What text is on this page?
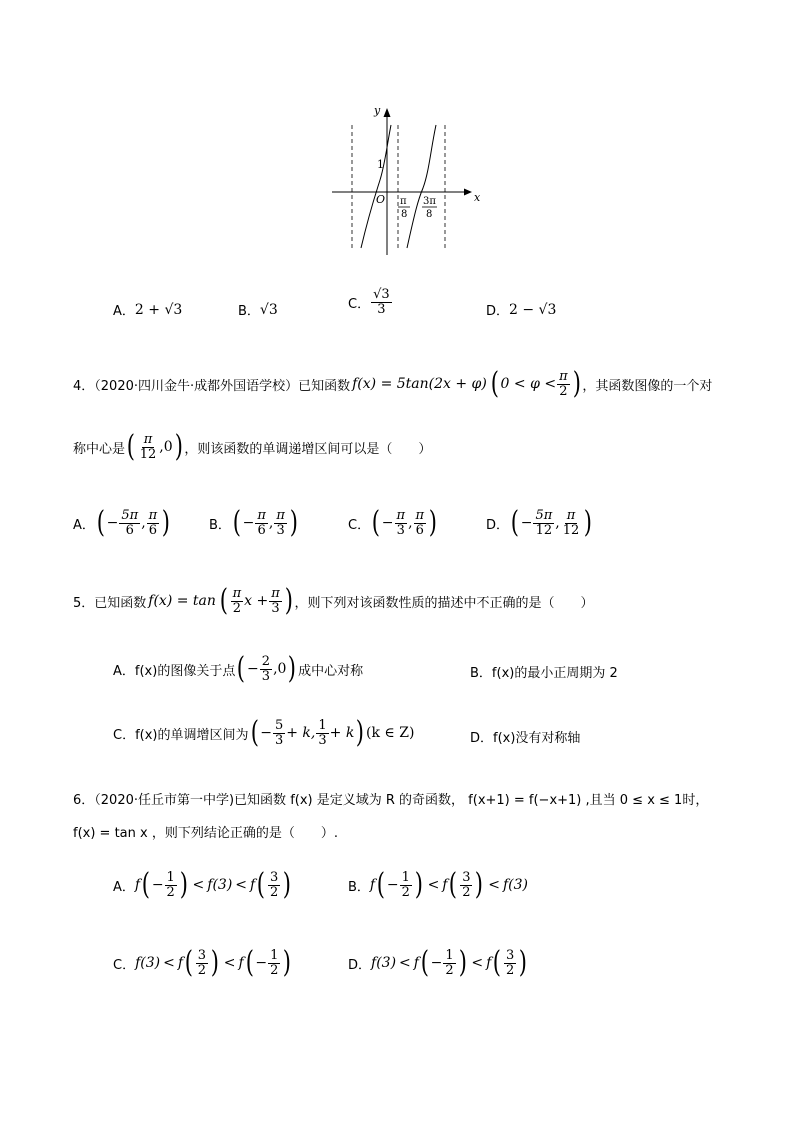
y
x
O
1
π
8
3π
8
A． 2 + √3	B． √3	C． $\frac{√3}{3}$	D． 2 − √3
4．（2020·四川金牛·成都外国语学校）已知函数 f(x) = 5tan(2x + φ) ( $0 < \varphi < \frac{\pi}{2}$ ) ，其函数图像的一个对
称中心是 ( $\frac{\pi}{12} ,0$ ) ，则该函数的单调递增区间可以是（　　）
A． ( − $\frac{5\pi}{6}$ , $\frac{\pi}{6}$ )	B． ( − $\frac{\pi}{6}$ , $\frac{\pi}{3}$ )	C． ( − $\frac{\pi}{3}$ , $\frac{\pi}{6}$ )	D． ( − $\frac{5\pi}{12}$ , $\frac{\pi}{12}$ )
5．已知函数 f(x) = tan ( $\frac{\pi}{2}$ $x + \frac{\pi}{3}$ ) ，则下列对该函数性质的描述中不正确的是（　　）
A． f(x)的图像关于点 ( − $\frac{2}{3} ,0$ ) 成中心对称	B． f(x)的最小正周期为 2
C． f(x)的单调增区间为 ( − $\frac{5}{3} + k$, $\frac{1}{3} + k$ ) (k ∈ Z)	D． f(x)没有对称轴
6．（2020·任丘市第一中学)已知函数 f(x) 是定义域为 R 的奇函数， f(x+1) = f(−x+1) ,且当 0 ≤ x ≤ 1时，
f(x) = tan x ，则下列结论正确的是（　　）.
A． f ( − $\frac{1}{2}$ ) < f(3) < f ( $\frac{3}{2}$ )	B． f ( − $\frac{1}{2}$ ) < f ( $\frac{3}{2}$ ) < f(3)
C． f(3) < f ( $\frac{3}{2}$ ) < f ( − $\frac{1}{2}$ )	D． f(3) < f ( − $\frac{1}{2}$ ) < f ( $\frac{3}{2}$ )
